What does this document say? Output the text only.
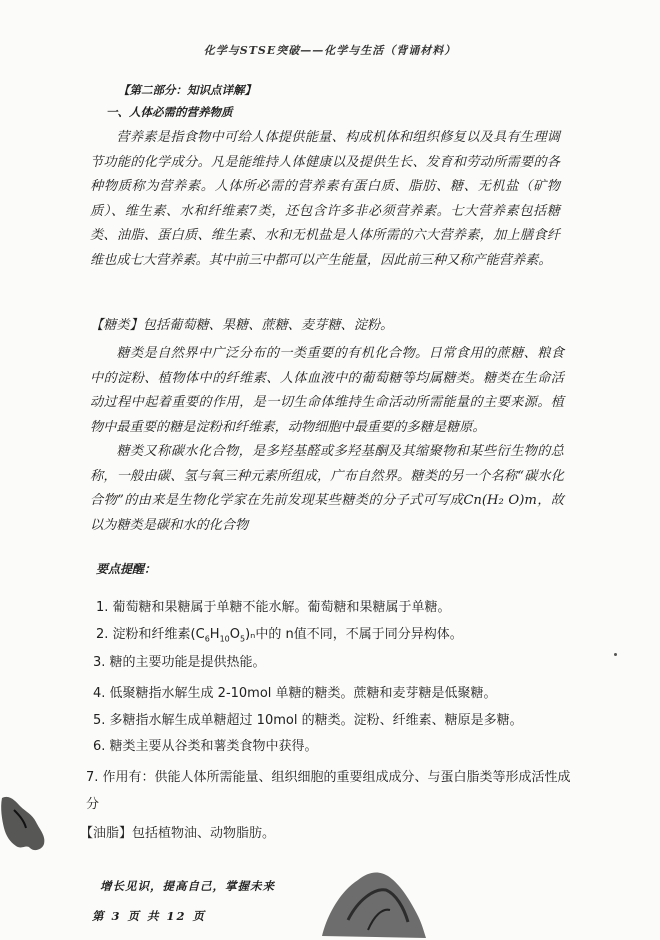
化学与STSE突破——化学与生活（背诵材料）
【第二部分：知识点详解】
一、人体必需的营养物质
营养素是指食物中可给人体提供能量、构成机体和组织修复以及具有生理调节功能的化学成分。凡是能维持人体健康以及提供生长、发育和劳动所需要的各种物质称为营养素。人体所必需的营养素有蛋白质、脂肪、糖、无机盐（矿物质）、维生素、水和纤维素7类，还包含许多非必须营养素。七大营养素包括糖类、油脂、蛋白质、维生素、水和无机盐是人体所需的六大营养素，加上膳食纤维也成七大营养素。其中前三中都可以产生能量，因此前三种又称产能营养素。
【糖类】包括葡萄糖、果糖、蔗糖、麦芽糖、淀粉。
糖类是自然界中广泛分布的一类重要的有机化合物。日常食用的蔗糖、粮食中的淀粉、植物体中的纤维素、人体血液中的葡萄糖等均属糖类。糖类在生命活动过程中起着重要的作用，是一切生命体维持生命活动所需能量的主要来源。植物中最重要的糖是淀粉和纤维素，动物细胞中最重要的多糖是糖原。
糖类又称碳水化合物，是多羟基醛或多羟基酮及其缩聚物和某些衍生物的总称，一般由碳、氢与氧三种元素所组成，广布自然界。糖类的另一个名称“碳水化合物”的由来是生物化学家在先前发现某些糖类的分子式可写成Cn(H₂ O)m，故以为糖类是碳和水的化合物
要点提醒：
1. 葡萄糖和果糖属于单糖不能水解。葡萄糖和果糖属于单糖。
2. 淀粉和纤维素$(C_6H_{10}O_5)_n$中的 n值不同，不属于同分异构体。
3. 糖的主要功能是提供热能。
4. 低聚糖指水解生成 2-10mol 单糖的糖类。蔗糖和麦芽糖是低聚糖。
5. 多糖指水解生成单糖超过 10mol 的糖类。淀粉、纤维素、糖原是多糖。
6. 糖类主要从谷类和薯类食物中获得。
7. 作用有：供能人体所需能量、组织细胞的重要组成成分、与蛋白脂类等形成活性成分
【油脂】包括植物油、动物脂肪。
增长见识，提高自己，掌握未来
第 3 页 共 12 页
